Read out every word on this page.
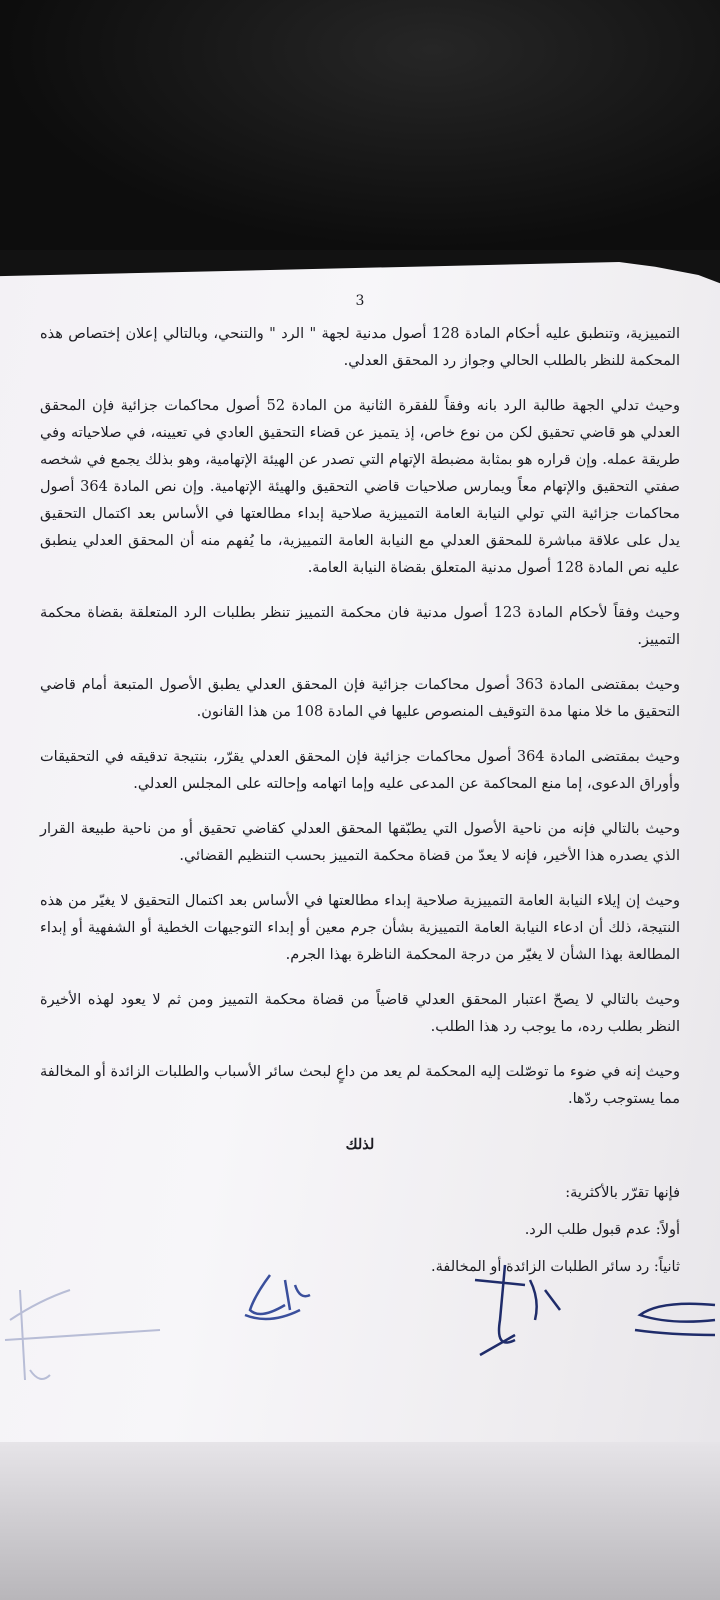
3

التمييزية، وتنطبق عليه أحكام المادة 128 أصول مدنية لجهة " الرد " والتنحي، وبالتالي إعلان إختصاص هذه المحكمة للنظر بالطلب الحالي وجواز رد المحقق العدلي.

وحيث تدلي الجهة طالبة الرد بانه وفقاً للفقرة الثانية من المادة 52 أصول محاكمات جزائية فإن المحقق العدلي هو قاضي تحقيق لكن من نوع خاص، إذ يتميز عن قضاء التحقيق العادي في تعيينه، في صلاحياته وفي طريقة عمله. وإن قراره هو بمثابة مضبطة الإتهام التي تصدر عن الهيئة الإتهامية، وهو بذلك يجمع في شخصه صفتي التحقيق والإتهام معاً ويمارس صلاحيات قاضي التحقيق والهيئة الإتهامية. وإن نص المادة 364 أصول محاكمات جزائية التي تولي النيابة العامة التمييزية صلاحية إبداء مطالعتها في الأساس بعد اكتمال التحقيق يدل على علاقة مباشرة للمحقق العدلي مع النيابة العامة التمييزية، ما يُفهم منه أن المحقق العدلي ينطبق عليه نص المادة 128 أصول مدنية المتعلق بقضاة النيابة العامة.

وحيث وفقاً لأحكام المادة 123 أصول مدنية فان محكمة التمييز تنظر بطلبات الرد المتعلقة بقضاة محكمة التمييز.

وحيث بمقتضى المادة 363 أصول محاكمات جزائية فإن المحقق العدلي يطبق الأصول المتبعة أمام قاضي التحقيق ما خلا منها مدة التوقيف المنصوص عليها في المادة 108 من هذا القانون.

وحيث بمقتضى المادة 364 أصول محاكمات جزائية فإن المحقق العدلي يقرّر، بنتيجة تدقيقه في التحقيقات وأوراق الدعوى، إما منع المحاكمة عن المدعى عليه وإما اتهامه وإحالته على المجلس العدلي.

وحيث بالتالي فإنه من ناحية الأصول التي يطبّقها المحقق العدلي كقاضي تحقيق أو من ناحية طبيعة القرار الذي يصدره هذا الأخير، فإنه لا يعدّ من قضاة محكمة التمييز بحسب التنظيم القضائي.

وحيث إن إيلاء النيابة العامة التمييزية صلاحية إبداء مطالعتها في الأساس بعد اكتمال التحقيق لا يغيّر من هذه النتيجة، ذلك أن ادعاء النيابة العامة التمييزية بشأن جرم معين أو إبداء التوجيهات الخطية أو الشفهية أو إبداء المطالعة بهذا الشأن لا يغيّر من درجة المحكمة الناظرة بهذا الجرم.

وحيث بالتالي لا يصحّ اعتبار المحقق العدلي قاضياً من قضاة محكمة التمييز ومن ثم لا يعود لهذه الأخيرة النظر بطلب رده، ما يوجب رد هذا الطلب.

وحيث إنه في ضوء ما توصّلت إليه المحكمة لم يعد من داعٍ لبحث سائر الأسباب والطلبات الزائدة أو المخالفة مما يستوجب ردّها.

لذلك

فإنها تقرّر بالأكثرية:

أولاً: عدم قبول طلب الرد.

ثانياً: رد سائر الطلبات الزائدة أو المخالفة.
